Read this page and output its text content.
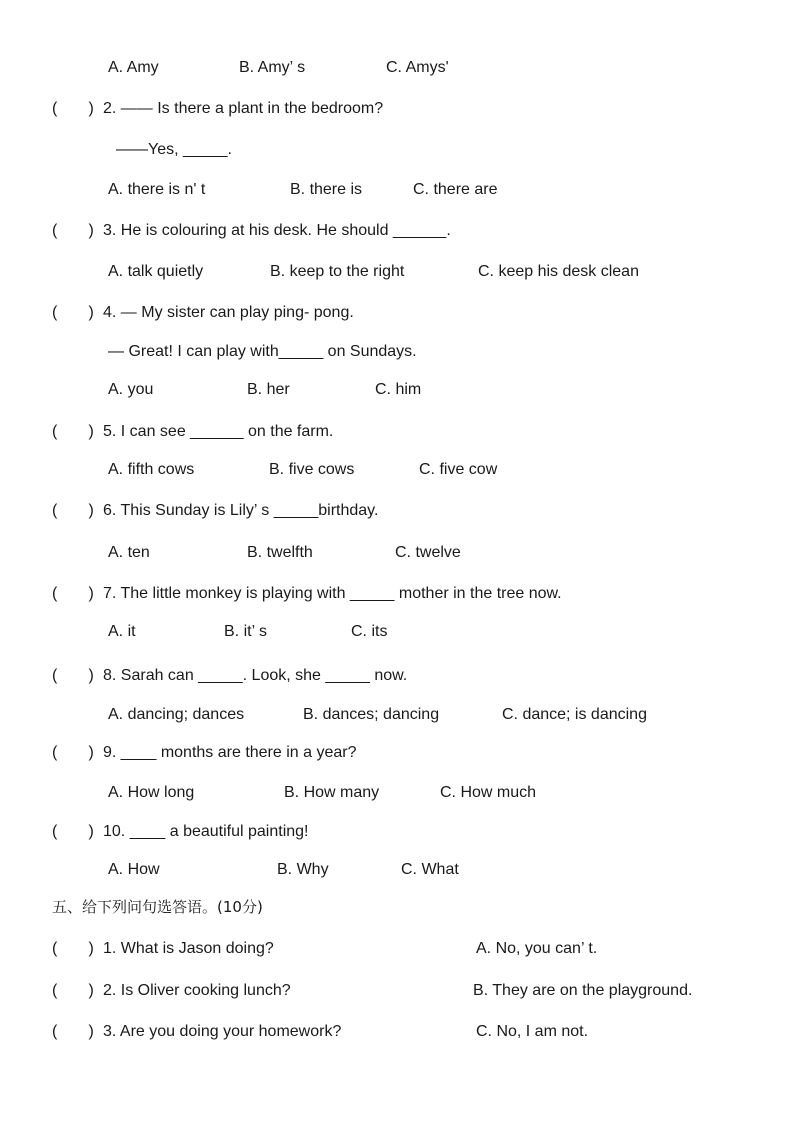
A. Amy	B. Amy’ s	C. Amys'
(       ) 2. —— Is there a plant in the bedroom?
——Yes, _____.
A. there is n' t	B. there is	C. there are
(       ) 3. He is colouring at his desk. He should ______.
A. talk quietly	B. keep to the right	C. keep his desk clean
(       ) 4. — My sister can play ping- pong.
— Great! I can play with_____ on Sundays.
A. you	B. her	C. him
(       ) 5. I can see ______ on the farm.
A. fifth cows	B. five cows	C. five cow
(       ) 6. This Sunday is Lily’ s _____birthday.
A. ten	B. twelfth	C. twelve
(       ) 7. The little monkey is playing with _____ mother in the tree now.
A. it	B. it’ s	C. its
(       ) 8. Sarah can _____. Look, she _____ now.
A. dancing; dances	B. dances; dancing	C. dance; is dancing
(       ) 9. ____ months are there in a year?
A. How long	B. How many	C. How much
(       ) 10. ____ a beautiful painting!
A. How	B. Why	C. What
五、给下列问句选答语。(10分)
(       ) 1. What is Jason doing?	A. No, you can’ t.
(       ) 2. Is Oliver cooking lunch?	B. They are on the playground.
(       ) 3. Are you doing your homework?	C. No, I am not.
